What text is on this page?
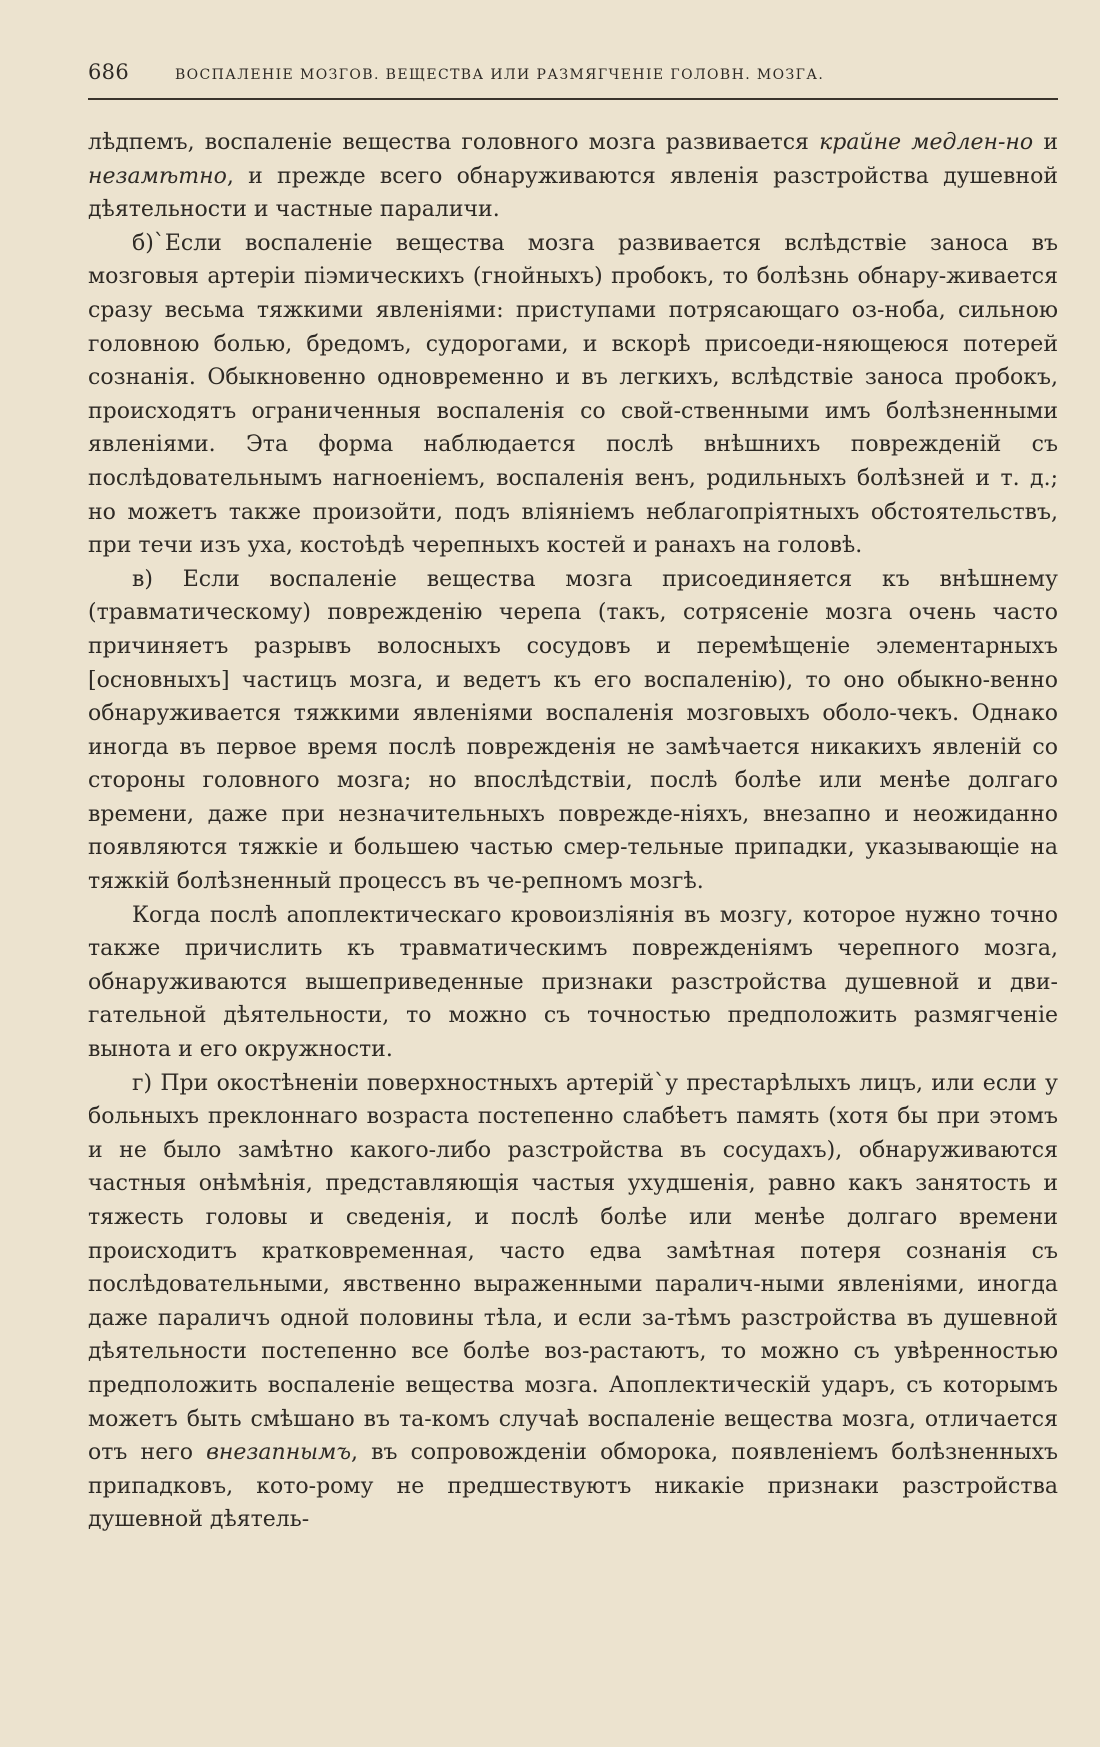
686	ВОСПАЛЕНІЕ МОЗГОВ. ВЕЩЕСТВА ИЛИ РАЗМЯГЧЕНІЕ ГОЛОВН. МОЗГА.

лѣдпемъ, воспаленіе вещества головного мозга развивается крайне медлен-но и незамѣтно, и прежде всего обнаруживаются явленія разстройства душевной дѣятельности и частные параличи.

б)`Если воспаленіе вещества мозга развивается вслѣдствіе заноса въ мозговыя артеріи піэмическихъ (гнойныхъ) пробокъ, то болѣзнь обнару-живается сразу весьма тяжкими явленіями: приступами потрясающаго оз-ноба, сильною головною болью, бредомъ, судорогами, и вскорѣ присоеди-няющеюся потерей сознанія. Обыкновенно одновременно и въ легкихъ, вслѣдствіе заноса пробокъ, происходятъ ограниченныя воспаленія со свой-ственными имъ болѣзненными явленіями. Эта форма наблюдается послѣ внѣшнихъ поврежденій съ послѣдовательнымъ нагноеніемъ, воспаленія венъ, родильныхъ болѣзней и т. д.; но можетъ также произойти, подъ вліяніемъ неблагопріятныхъ обстоятельствъ, при течи изъ уха, костоѣдѣ черепныхъ костей и ранахъ на головѣ.

в) Если воспаленіе вещества мозга присоединяется къ внѣшнему (травматическому) поврежденію черепа (такъ, сотрясеніе мозга очень часто причиняетъ разрывъ волосныхъ сосудовъ и перемѣщеніе элементарныхъ [основныхъ] частицъ мозга, и ведетъ къ его воспаленію), то оно обыкно-венно обнаруживается тяжкими явленіями воспаленія мозговыхъ оболо-чекъ. Однако иногда въ первое время послѣ поврежденія не замѣчается никакихъ явленій со стороны головного мозга; но впослѣдствіи, послѣ болѣе или менѣе долгаго времени, даже при незначительныхъ поврежде-ніяхъ, внезапно и неожиданно появляются тяжкіе и большею частью смер-тельные припадки, указывающіе на тяжкій болѣзненный процессъ въ че-репномъ мозгѣ.

Когда послѣ апоплектическаго кровоизліянія въ мозгу, которое нужно точно также причислить къ травматическимъ поврежденіямъ черепного мозга, обнаруживаются вышеприведенные признаки разстройства душевной и дви-гательной дѣятельности, то можно съ точностью предположить размягченіе вынота и его окружности.

г) При окостѣненіи поверхностныхъ артерій`у престарѣлыхъ лицъ, или если у больныхъ преклоннаго возраста постепенно слабѣетъ память (хотя бы при этомъ и не было замѣтно какого-либо разстройства въ сосудахъ), обнаруживаются частныя онѣмѣнія, представляющія частыя ухудшенія, равно какъ занятость и тяжесть головы и сведенія, и послѣ болѣе или менѣе долгаго времени происходитъ кратковременная, часто едва замѣтная потеря сознанія съ послѣдовательными, явственно выраженными паралич-ными явленіями, иногда даже параличъ одной половины тѣла, и если за-тѣмъ разстройства въ душевной дѣятельности постепенно все болѣе воз-растаютъ, то можно съ увѣренностью предположить воспаленіе вещества мозга. Апоплектическій ударъ, съ которымъ можетъ быть смѣшано въ та-комъ случаѣ воспаленіе вещества мозга, отличается отъ него внезапнымъ, въ сопровожденіи обморока, появленіемъ болѣзненныхъ припадковъ, кото-рому не предшествуютъ никакіе признаки разстройства душевной дѣятель-
